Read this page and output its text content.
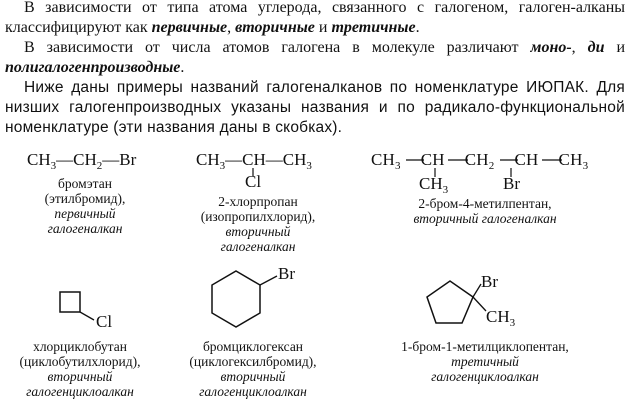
В зависимости от типа атома углерода, связанного с галогеном, галоген-алканы классифицируют как первичные, вторичные и третичные.

В зависимости от числа атомов галогена в молекуле различают моно-, ди и полигалогенпроизводные.

Ниже даны примеры названий галогеналканов по номенклатуре ИЮПАК. Для низших галогенпроизводных указаны названия и по радикало-функциональной номенклатуре (эти названия даны в скобках).

$CH_3—CH_2—Br$	$CH_3—CH—CH_3$
Cl
$CH_3$ CH $CH_2$ CH $CH_3$
$CH_3$	Br
Cl
Br	Br
$CH_3$
бромэтан
(этилбромид),
первичный
галогеналкан
2-хлорпропан
(изопропилхлорид),
вторичный
галогеналкан
2-бром-4-метилпентан,
вторичный галогеналкан
хлорциклобутан
(циклобутилхлорид),
вторичный
галогенциклоалкан
бромциклогексан
(циклогексилбромид),
вторичный
галогенциклоалкан
1-бром-1-метилциклопентан,
третичный
галогенциклоалкан
